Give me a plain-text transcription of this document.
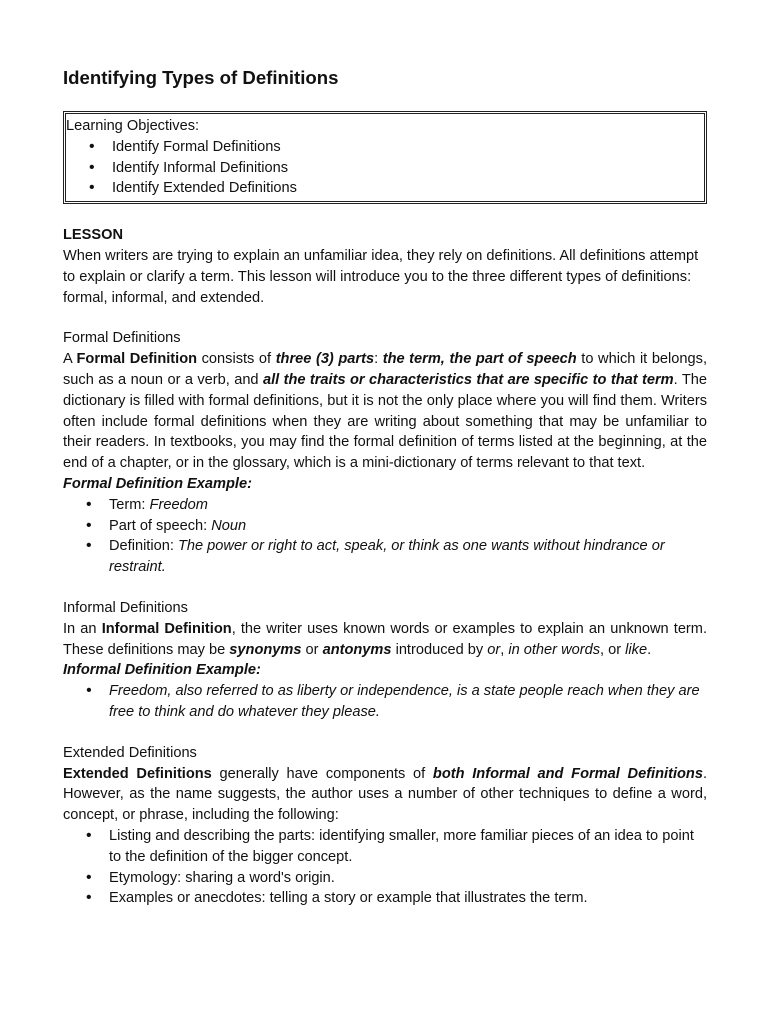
Identifying Types of Definitions
Learning Objectives:
• Identify Formal Definitions
• Identify Informal Definitions
• Identify Extended Definitions
LESSON

When writers are trying to explain an unfamiliar idea, they rely on definitions. All definitions attempt to explain or clarify a term. This lesson will introduce you to the three different types of definitions: formal, informal, and extended.

Formal Definitions

A Formal Definition consists of three (3) parts: the term, the part of speech to which it belongs, such as a noun or a verb, and all the traits or characteristics that are specific to that term. The dictionary is filled with formal definitions, but it is not the only place where you will find them. Writers often include formal definitions when they are writing about something that may be unfamiliar to their readers. In textbooks, you may find the formal definition of terms listed at the beginning, at the end of a chapter, or in the glossary, which is a mini-dictionary of terms relevant to that text.

Formal Definition Example:
• Term: Freedom
• Part of speech: Noun
• Definition: The power or right to act, speak, or think as one wants without hindrance or restraint.
Informal Definitions

In an Informal Definition, the writer uses known words or examples to explain an unknown term. These definitions may be synonyms or antonyms introduced by or, in other words, or like.

Informal Definition Example:
• Freedom, also referred to as liberty or independence, is a state people reach when they are free to think and do whatever they please.
Extended Definitions

Extended Definitions generally have components of both Informal and Formal Definitions. However, as the name suggests, the author uses a number of other techniques to define a word, concept, or phrase, including the following:

• Listing and describing the parts: identifying smaller, more familiar pieces of an idea to point to the definition of the bigger concept.
• Etymology: sharing a word's origin.
• Examples or anecdotes: telling a story or example that illustrates the term.
